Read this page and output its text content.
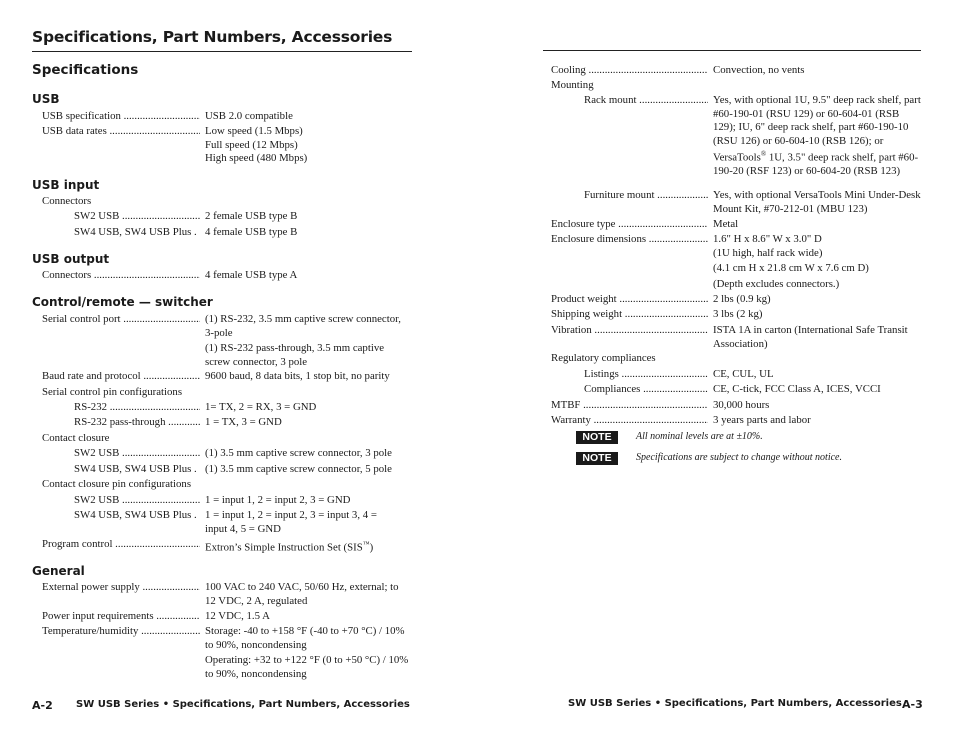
Specifications, Part Numbers, Accessories
Specifications
USB
USB specification .....	USB 2.0 compatible
USB data rates .....	Low speed (1.5 Mbps)
Full speed (12 Mbps)
High speed (480 Mbps)
USB input
Connectors
SW2 USB .....	2 female USB type B
SW4 USB, SW4 USB Plus . 4 female USB type B
USB output
Connectors .....	4 female USB type A
Control/remote — switcher
Serial control port .....	(1) RS-232, 3.5 mm captive screw connector, 3-pole
(1) RS-232 pass-through, 3.5 mm captive screw connector, 3 pole
Baud rate and protocol .....	9600 baud, 8 data bits, 1 stop bit, no parity
Serial control pin configurations
RS-232 .....	1= TX, 2 = RX, 3 = GND
RS-232 pass-through .....	1 = TX, 3 = GND
Contact closure
SW2 USB .....	(1) 3.5 mm captive screw connector, 3 pole
SW4 USB, SW4 USB Plus . (1) 3.5 mm captive screw connector, 5 pole
Contact closure pin configurations
SW2 USB .....	1 = input 1, 2 = input 2, 3 = GND
SW4 USB, SW4 USB Plus . 1 = input 1, 2 = input 2, 3 = input 3, 4 = input 4, 5 = GND
Program control .....	Extron’s Simple Instruction Set (SIS™)
General
External power supply .....	100 VAC to 240 VAC, 50/60 Hz, external; to 12 VDC, 2 A, regulated
Power input requirements .....	12 VDC, 1.5 A
Temperature/humidity .....	Storage: -40 to +158 °F (-40 to +70 °C) / 10% to 90%, noncondensing
Operating: +32 to +122 °F (0 to +50 °C) / 10% to 90%, noncondensing
A-2 SW USB Series • Specifications, Part Numbers, Accessories
Cooling .....	Convection, no vents
Mounting
Rack mount .....	Yes, with optional 1U, 9.5" deep rack shelf, part #60-190-01 (RSU 129) or 60-604-01 (RSB 129); IU, 6" deep rack shelf, part #60-190-10 (RSU 126) or 60-604-10 (RSB 126); or VersaTools® 1U, 3.5" deep rack shelf, part #60-190-20 (RSF 123) or 60-604-20 (RSB 123)
Furniture mount .....	Yes, with optional VersaTools Mini Under-Desk Mount Kit, #70-212-01 (MBU 123)
Enclosure type .....	Metal
Enclosure dimensions .....	1.6" H x 8.6" W x 3.0" D
(1U high, half rack wide)
(4.1 cm H x 21.8 cm W x 7.6 cm D)
(Depth excludes connectors.)
Product weight .....	2 lbs (0.9 kg)
Shipping weight .....	3 lbs (2 kg)
Vibration .....	ISTA 1A in carton (International Safe Transit Association)
Regulatory compliances
Listings .....	CE, CUL, UL
Compliances .....	CE, C-tick, FCC Class A, ICES, VCCI
MTBF .....	30,000 hours
Warranty .....	3 years parts and labor
NOTE	All nominal levels are at ±10%.
NOTE	Specifications are subject to change without notice.
SW USB Series • Specifications, Part Numbers, Accessories A-3
